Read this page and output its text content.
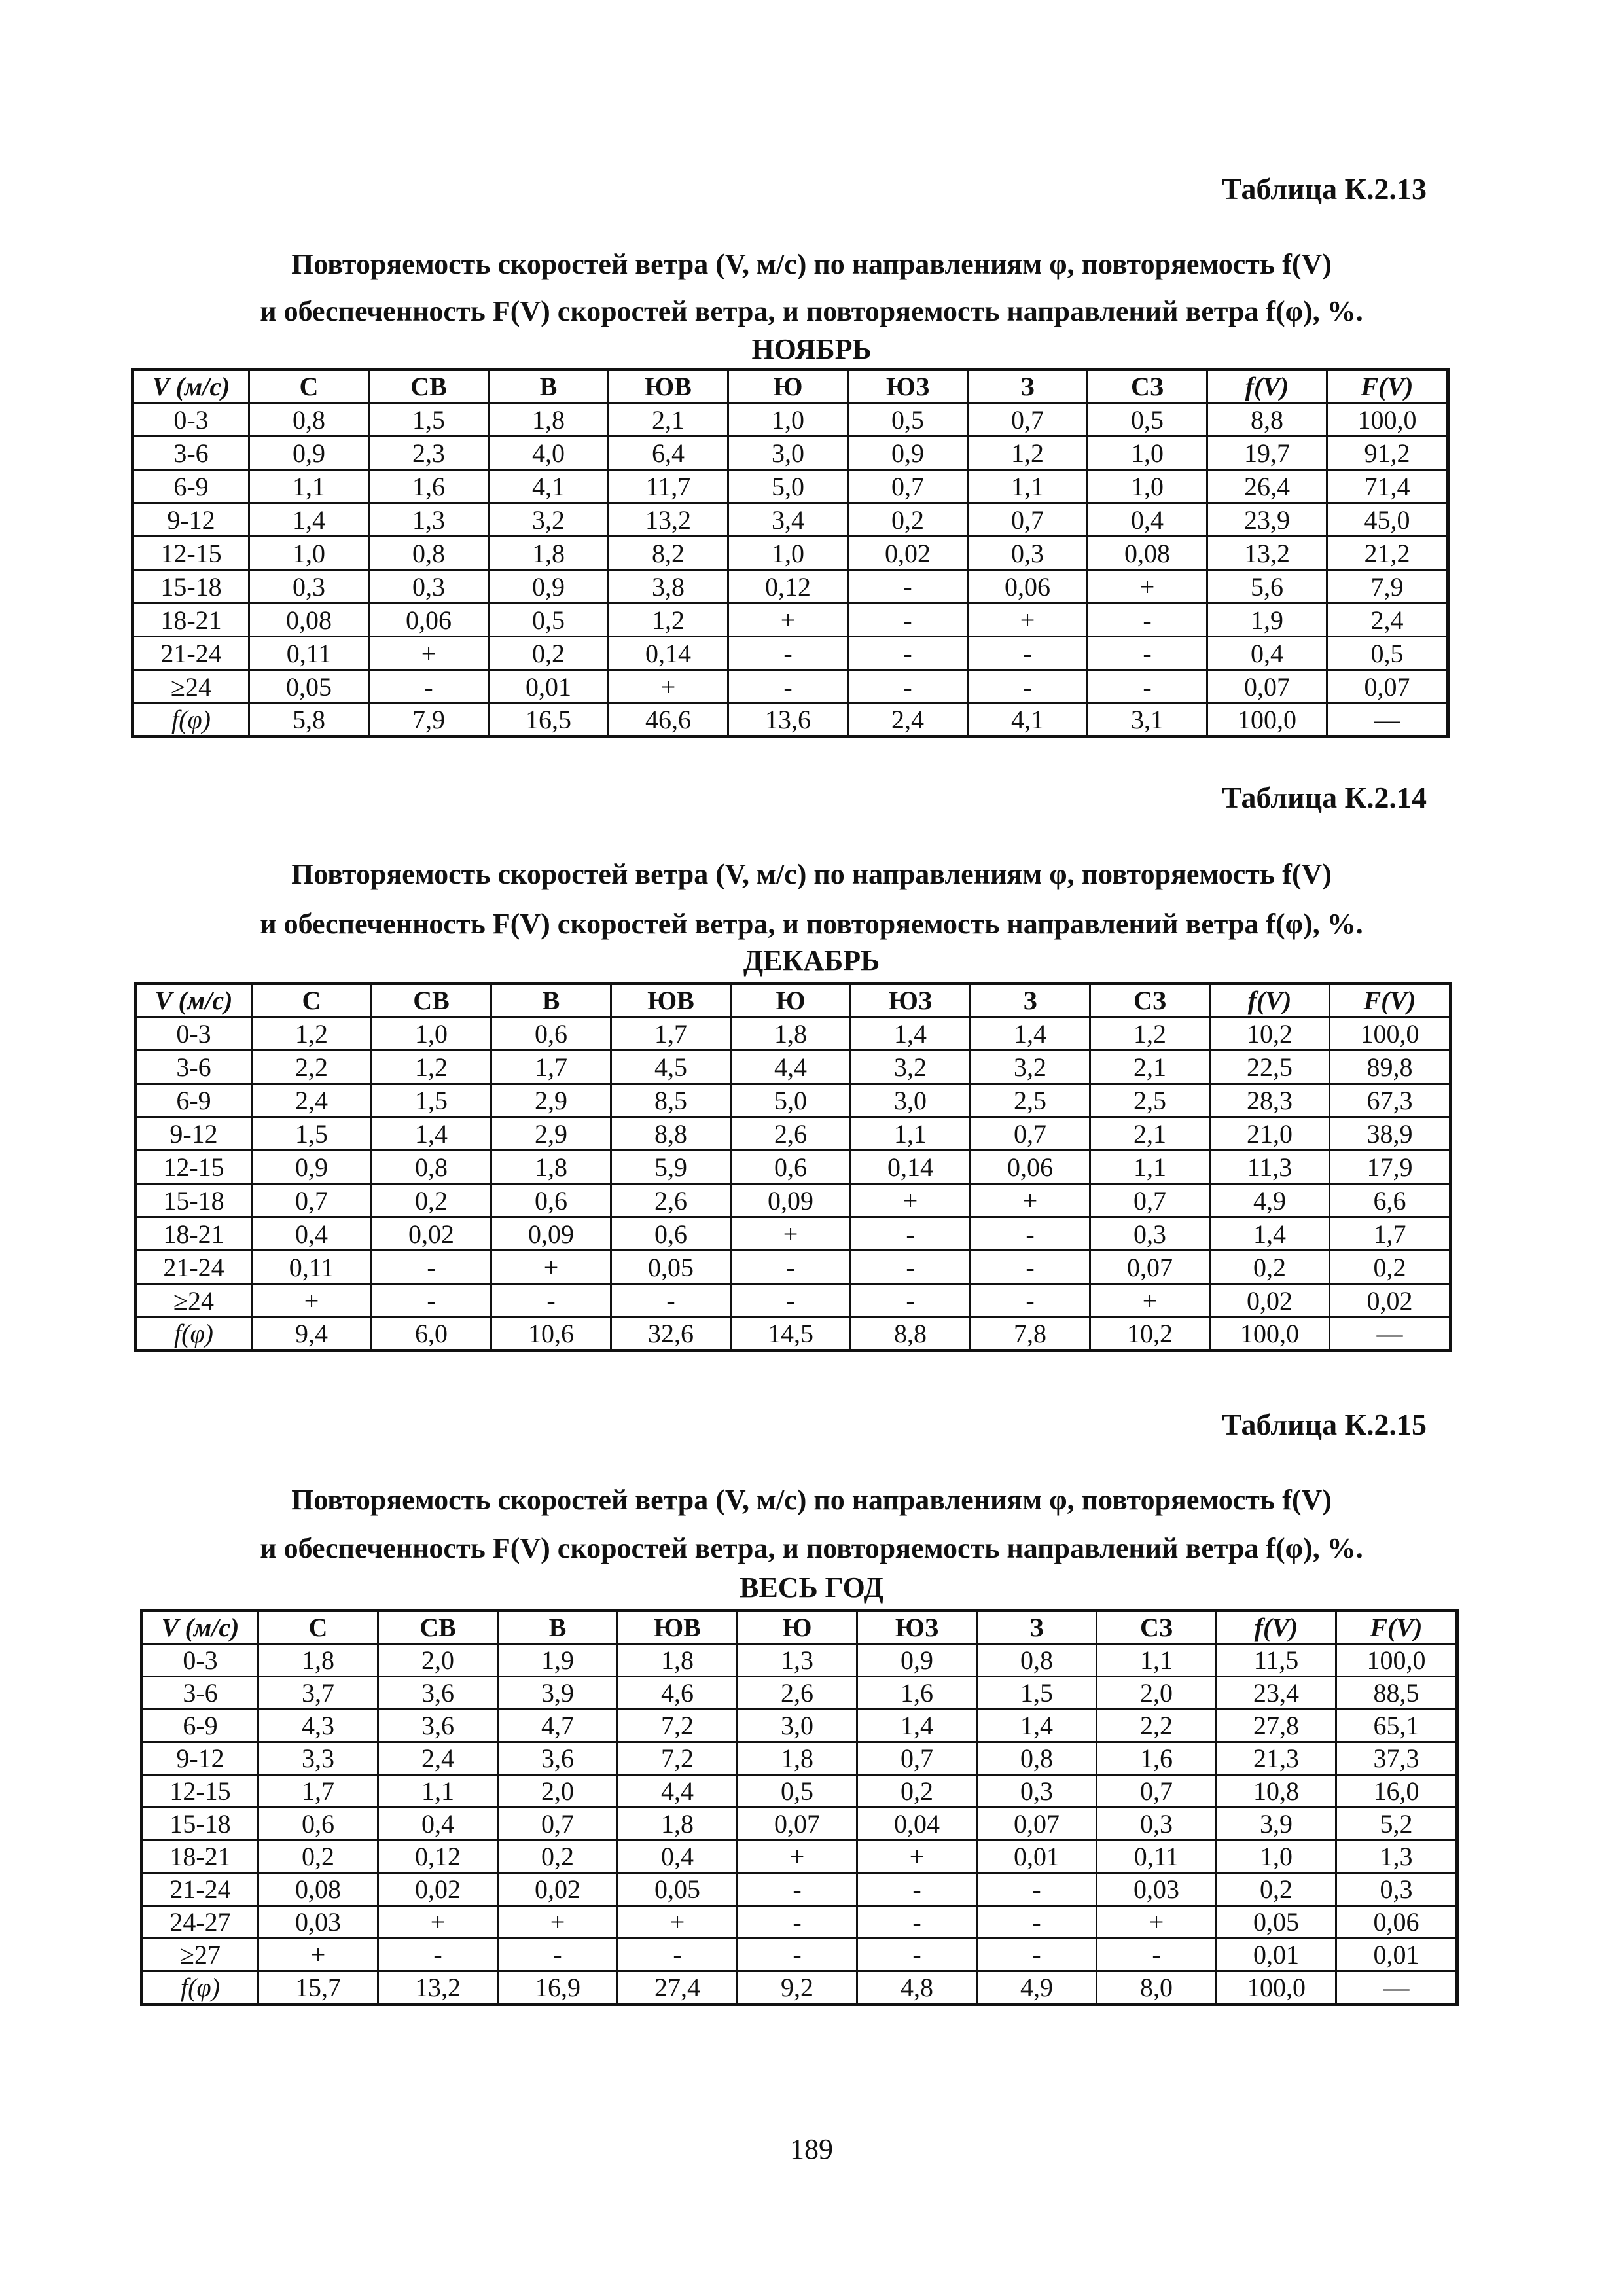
Таблица К.2.13
Повторяемость скоростей ветра (V, м/с) по направлениям φ, повторяемость f(V)
и обеспеченность F(V) скоростей ветра, и повторяемость направлений ветра f(φ), %.
НОЯБРЬ
V (м/с)	С	СВ	В	ЮВ	Ю	ЮЗ	З	СЗ	f(V)	F(V)
0-3	0,8	1,5	1,8	2,1	1,0	0,5	0,7	0,5	8,8	100,0
3-6	0,9	2,3	4,0	6,4	3,0	0,9	1,2	1,0	19,7	91,2
6-9	1,1	1,6	4,1	11,7	5,0	0,7	1,1	1,0	26,4	71,4
9-12	1,4	1,3	3,2	13,2	3,4	0,2	0,7	0,4	23,9	45,0
12-15	1,0	0,8	1,8	8,2	1,0	0,02	0,3	0,08	13,2	21,2
15-18	0,3	0,3	0,9	3,8	0,12	-	0,06	+	5,6	7,9
18-21	0,08	0,06	0,5	1,2	+	-	+	-	1,9	2,4
21-24	0,11	+	0,2	0,14	-	-	-	-	0,4	0,5
≥24	0,05	-	0,01	+	-	-	-	-	0,07	0,07
f(φ)	5,8	7,9	16,5	46,6	13,6	2,4	4,1	3,1	100,0	—
Таблица К.2.14
Повторяемость скоростей ветра (V, м/с) по направлениям φ, повторяемость f(V)
и обеспеченность F(V) скоростей ветра, и повторяемость направлений ветра f(φ), %.
ДЕКАБРЬ
V (м/с)	С	СВ	В	ЮВ	Ю	ЮЗ	З	СЗ	f(V)	F(V)
0-3	1,2	1,0	0,6	1,7	1,8	1,4	1,4	1,2	10,2	100,0
3-6	2,2	1,2	1,7	4,5	4,4	3,2	3,2	2,1	22,5	89,8
6-9	2,4	1,5	2,9	8,5	5,0	3,0	2,5	2,5	28,3	67,3
9-12	1,5	1,4	2,9	8,8	2,6	1,1	0,7	2,1	21,0	38,9
12-15	0,9	0,8	1,8	5,9	0,6	0,14	0,06	1,1	11,3	17,9
15-18	0,7	0,2	0,6	2,6	0,09	+	+	0,7	4,9	6,6
18-21	0,4	0,02	0,09	0,6	+	-	-	0,3	1,4	1,7
21-24	0,11	-	+	0,05	-	-	-	0,07	0,2	0,2
≥24	+	-	-	-	-	-	-	+	0,02	0,02
f(φ)	9,4	6,0	10,6	32,6	14,5	8,8	7,8	10,2	100,0	—
Таблица К.2.15
Повторяемость скоростей ветра (V, м/с) по направлениям φ, повторяемость f(V)
и обеспеченность F(V) скоростей ветра, и повторяемость направлений ветра f(φ), %.
ВЕСЬ ГОД
V (м/с)	С	СВ	В	ЮВ	Ю	ЮЗ	З	СЗ	f(V)	F(V)
0-3	1,8	2,0	1,9	1,8	1,3	0,9	0,8	1,1	11,5	100,0
3-6	3,7	3,6	3,9	4,6	2,6	1,6	1,5	2,0	23,4	88,5
6-9	4,3	3,6	4,7	7,2	3,0	1,4	1,4	2,2	27,8	65,1
9-12	3,3	2,4	3,6	7,2	1,8	0,7	0,8	1,6	21,3	37,3
12-15	1,7	1,1	2,0	4,4	0,5	0,2	0,3	0,7	10,8	16,0
15-18	0,6	0,4	0,7	1,8	0,07	0,04	0,07	0,3	3,9	5,2
18-21	0,2	0,12	0,2	0,4	+	+	0,01	0,11	1,0	1,3
21-24	0,08	0,02	0,02	0,05	-	-	-	0,03	0,2	0,3
24-27	0,03	+	+	+	-	-	-	+	0,05	0,06
≥27	+	-	-	-	-	-	-	-	0,01	0,01
f(φ)	15,7	13,2	16,9	27,4	9,2	4,8	4,9	8,0	100,0	—
189
